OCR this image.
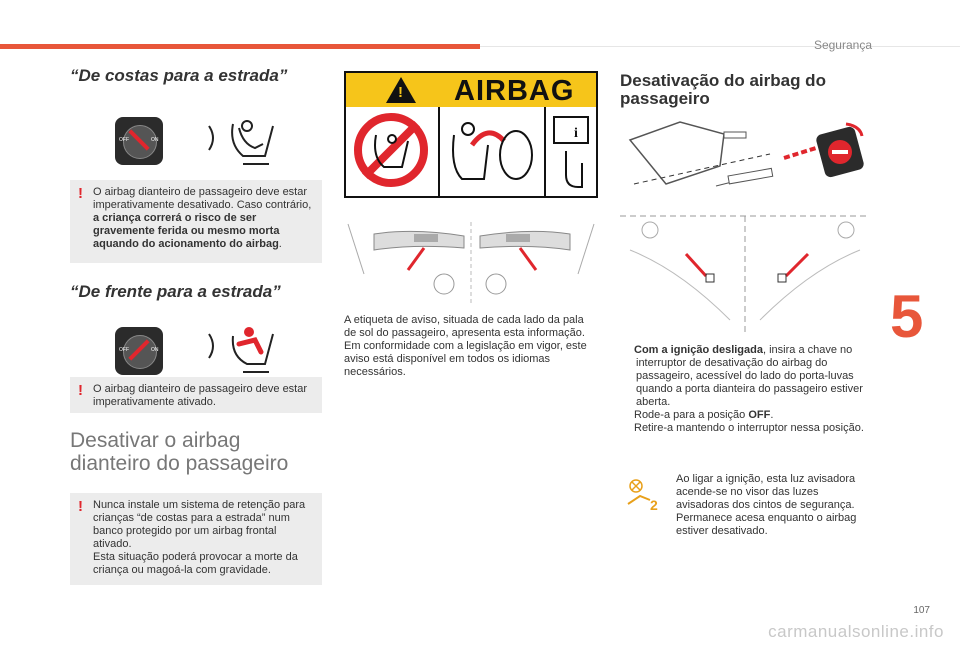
Segurança
5
107
carmanualsonline.info
“De costas para a estrada”
OFF	ON
! O airbag dianteiro de passageiro deve estar imperativamente desativado. Caso contrário, a criança correrá o risco de ser gravemente ferida ou mesmo morta aquando do acionamento do airbag.
“De frente para a estrada”
OFF	ON
! O airbag dianteiro de passageiro deve estar imperativamente ativado.
Desativar o airbag dianteiro do passageiro
! Nunca instale um sistema de retenção para crianças “de costas para a estrada” num banco protegido por um airbag frontal ativado.
Esta situação poderá provocar a morte da criança ou magoá-la com gravidade.
! AIRBAG
i
A etiqueta de aviso, situada de cada lado da pala de sol do passageiro, apresenta esta informação.
Em conformidade com a legislação em vigor, este aviso está disponível em todos os idiomas necessários.
Desativação do airbag do passageiro
Com a ignição desligada, insira a chave no interruptor de desativação do airbag do passageiro, acessível do lado do porta-luvas quando a porta dianteira do passageiro estiver aberta.
Rode-a para a posição OFF.
Retire-a mantendo o interruptor nessa posição.
2
Ao ligar a ignição, esta luz avisadora acende-se no visor das luzes avisadoras dos cintos de segurança. Permanece acesa enquanto o airbag estiver desativado.
